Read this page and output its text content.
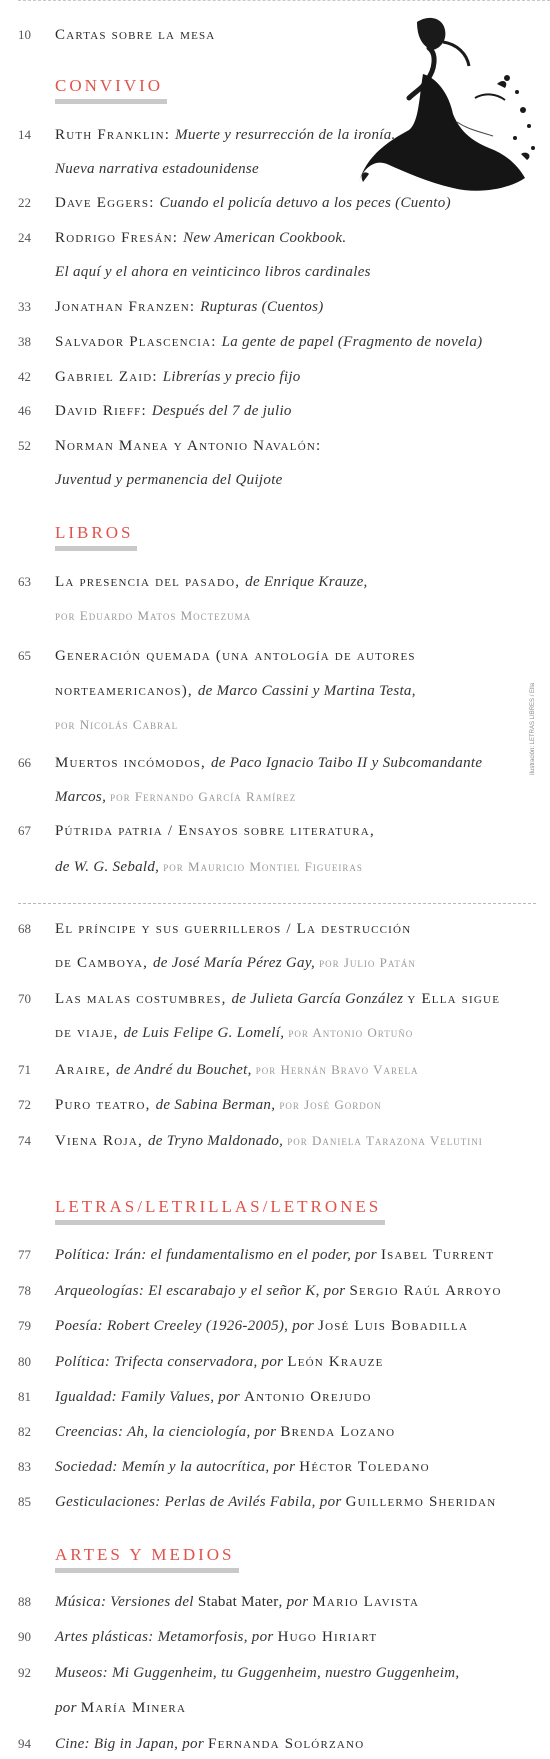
10	Cartas sobre la mesa
14	Ruth Franklin: Muerte y resurrección de la ironía.
Nueva narrativa estadounidense
22	Dave Eggers: Cuando el policía detuvo a los peces (Cuento)
24	Rodrigo Fresán: New American Cookbook.
El aquí y el ahora en veinticinco libros cardinales
33	Jonathan Franzen: Rupturas (Cuentos)
38	Salvador Plascencia: La gente de papel (Fragmento de novela)
42	Gabriel Zaid: Librerías y precio fijo
46	David Rieff: Después del 7 de julio
52	Norman Manea y Antonio Navalón:
Juventud y permanencia del Quijote
63	La presencia del pasado, de Enrique Krauze,
por Eduardo Matos Moctezuma
65	Generación quemada (una antología de autores
norteamericanos), de Marco Cassini y Martina Testa,
por Nicolás Cabral
66	Muertos incómodos, de Paco Ignacio Taibo II y Subcomandante
Marcos, por Fernando García Ramírez
67	Pútrida patria / Ensayos sobre literatura,
de W. G. Sebald, por Mauricio Montiel Figueiras
68	El príncipe y sus guerrilleros / La destrucción
de Camboya, de José María Pérez Gay, por Julio Patán
70	Las malas costumbres, de Julieta García González y Ella sigue
de viaje, de Luis Felipe G. Lomelí, por Antonio Ortuño
71	Araire, de André du Bouchet, por Hernán Bravo Varela
72	Puro teatro, de Sabina Berman, por José Gordon
74	Viena Roja, de Tryno Maldonado, por Daniela Tarazona Velutini
77	Política: Irán: el fundamentalismo en el poder, por Isabel Turrent
78	Arqueologías: El escarabajo y el señor K, por Sergio Raúl Arroyo
79	Poesía: Robert Creeley (1926-2005), por José Luis Bobadilla
80	Política: Trifecta conservadora, por León Krauze
81	Igualdad: Family Values, por Antonio Orejudo
82	Creencias: Ah, la cienciología, por Brenda Lozano
83	Sociedad: Memín y la autocrítica, por Héctor Toledano
85	Gesticulaciones: Perlas de Avilés Fabila, por Guillermo Sheridan
88	Música: Versiones del Stabat Mater, por Mario Lavista
90	Artes plásticas: Metamorfosis, por Hugo Hiriart
92	Museos: Mi Guggenheim, tu Guggenheim, nuestro Guggenheim,
por María Minera
94	Cine: Big in Japan, por Fernanda Solórzano
CONVIVIO
LIBROS
LETRAS/LETRILLAS/LETRONES
ARTES Y MEDIOS
Ilustración: LETRAS LIBRES / Ella
